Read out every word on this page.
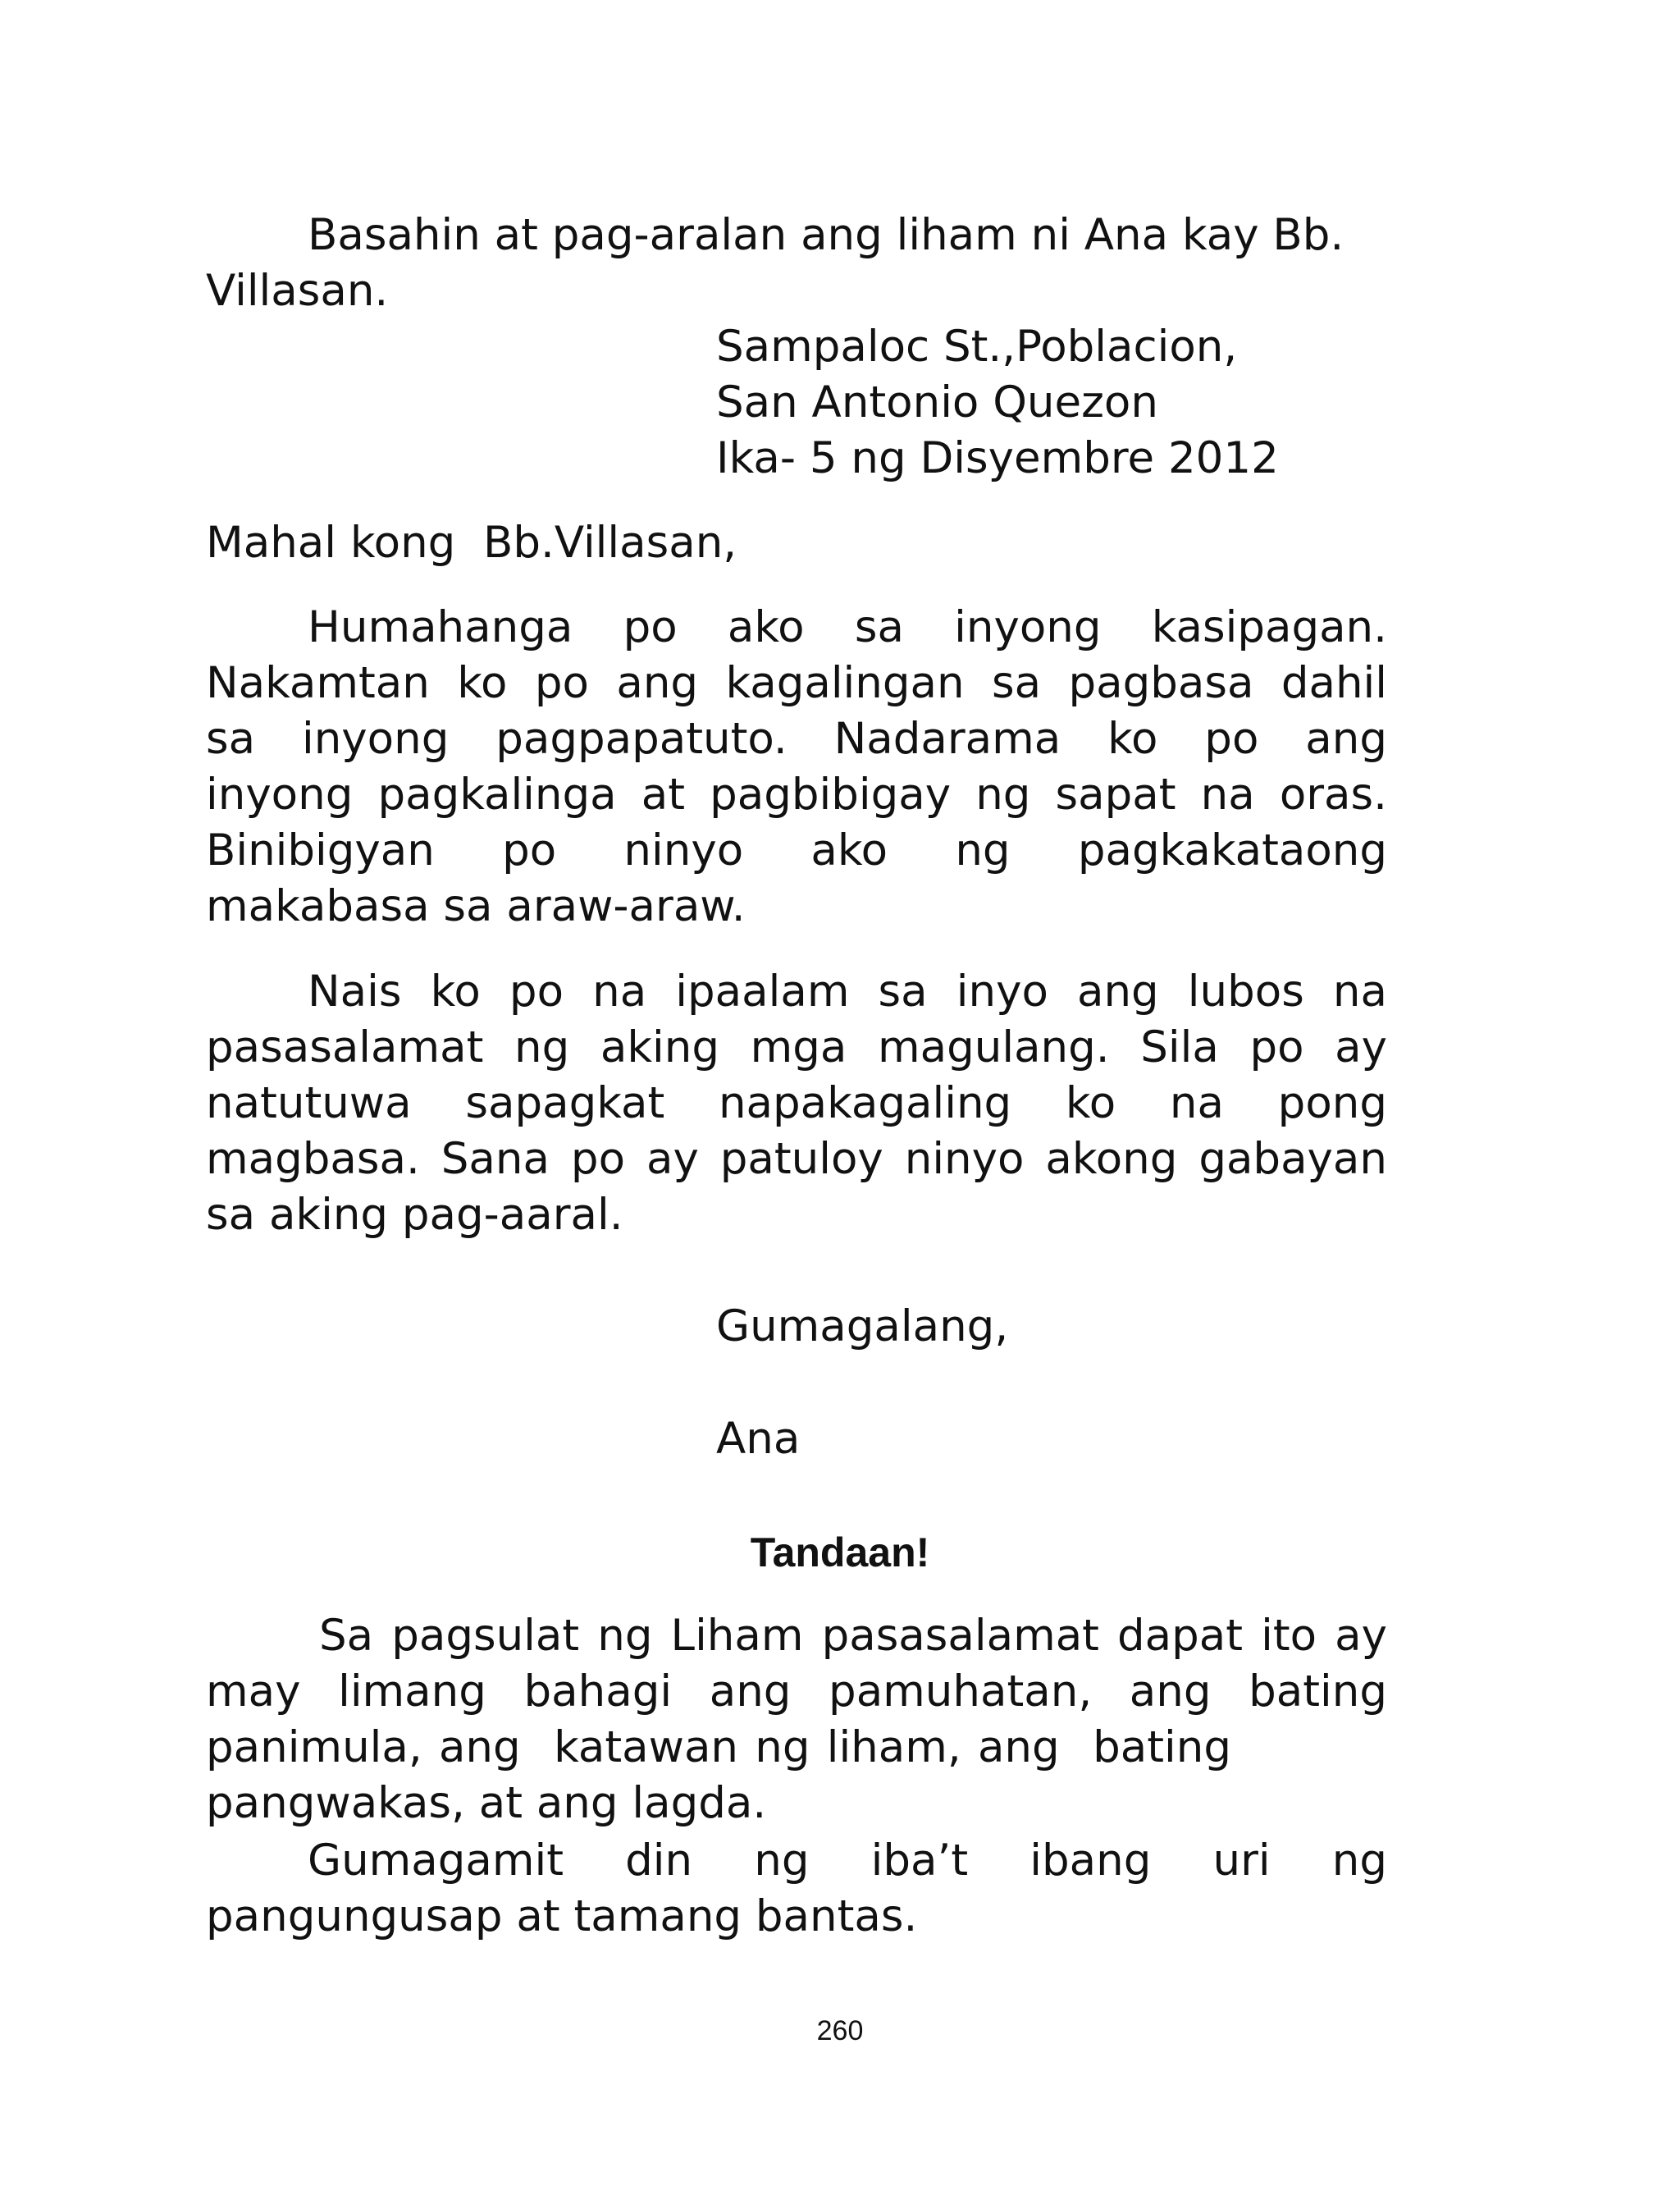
Basahin at pag-aralan ang liham ni Ana kay Bb.

Villasan.

Sampaloc St.,Poblacion,

San Antonio Quezon

Ika- 5 ng Disyembre 2012

Mahal kong  Bb.Villasan,

Humahanga po ako sa inyong kasipagan.
Nakamtan ko po ang kagalingan sa pagbasa dahil
sa inyong pagpapatuto. Nadarama ko po ang
inyong pagkalinga at pagbibigay ng sapat na oras.
Binibigyan po ninyo ako ng pagkakataong
makabasa sa araw-araw.
Nais ko po na ipaalam sa inyo ang lubos na
pasasalamat ng aking mga magulang. Sila po ay
natutuwa sapagkat napakagaling ko na pong
magbasa. Sana po ay patuloy ninyo akong gabayan
sa aking pag-aaral.

Gumagalang,

Ana

Tandaan!

Sa pagsulat ng Liham pasasalamat dapat ito ay
may limang bahagi ang pamuhatan, ang bating
panimula, ang  katawan ng liham, ang  bating
pangwakas, at ang lagda.
Gumagamit din ng iba’t ibang uri ng
pangungusap at tamang bantas.

260
